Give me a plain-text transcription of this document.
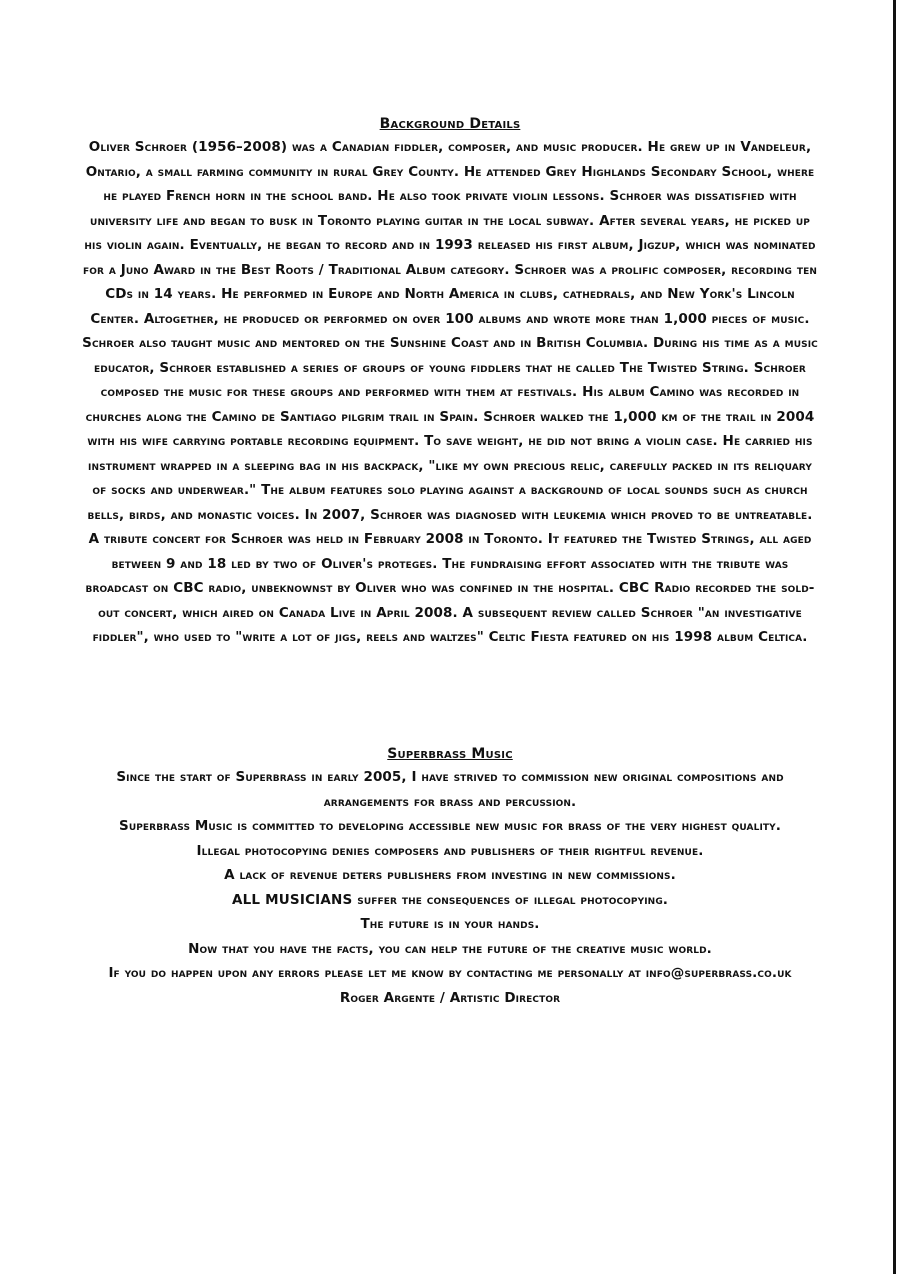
Background Details

Oliver Schroer (1956–2008) was a Canadian fiddler, composer, and music producer. He grew up in Vandeleur, Ontario, a small farming community in rural Grey County. He attended Grey Highlands Secondary School, where he played French horn in the school band. He also took private violin lessons. Schroer was dissatisfied with university life and began to busk in Toronto playing guitar in the local subway. After several years, he picked up his violin again. Eventually, he began to record and in 1993 released his first album, Jigzup, which was nominated for a Juno Award in the Best Roots / Traditional Album category. Schroer was a prolific composer, recording ten CDs in 14 years. He performed in Europe and North America in clubs, cathedrals, and New York's Lincoln Center. Altogether, he produced or performed on over 100 albums and wrote more than 1,000 pieces of music. Schroer also taught music and mentored on the Sunshine Coast and in British Columbia. During his time as a music educator, Schroer established a series of groups of young fiddlers that he called The Twisted String. Schroer composed the music for these groups and performed with them at festivals. His album Camino was recorded in churches along the Camino de Santiago pilgrim trail in Spain. Schroer walked the 1,000 km of the trail in 2004 with his wife carrying portable recording equipment. To save weight, he did not bring a violin case. He carried his instrument wrapped in a sleeping bag in his backpack, "like my own precious relic, carefully packed in its reliquary of socks and underwear." The album features solo playing against a background of local sounds such as church bells, birds, and monastic voices. In 2007, Schroer was diagnosed with leukemia which proved to be untreatable. A tribute concert for Schroer was held in February 2008 in Toronto. It featured the Twisted Strings, all aged between 9 and 18 led by two of Oliver's proteges. The fundraising effort associated with the tribute was broadcast on CBC radio, unbeknownst by Oliver who was confined in the hospital. CBC Radio recorded the sold-out concert, which aired on Canada Live in April 2008. A subsequent review called Schroer "an investigative fiddler", who used to "write a lot of jigs, reels and waltzes" Celtic Fiesta featured on his 1998 album Celtica.

Superbrass Music

Since the start of Superbrass in early 2005, I have strived to commission new original compositions and arrangements for brass and percussion.

Superbrass Music is committed to developing accessible new music for brass of the very highest quality.

Illegal photocopying denies composers and publishers of their rightful revenue.

A lack of revenue deters publishers from investing in new commissions.

ALL MUSICIANS suffer the consequences of illegal photocopying.

The future is in your hands.

Now that you have the facts, you can help the future of the creative music world.

If you do happen upon any errors please let me know by contacting me personally at info@superbrass.co.uk

Roger Argente / Artistic Director
